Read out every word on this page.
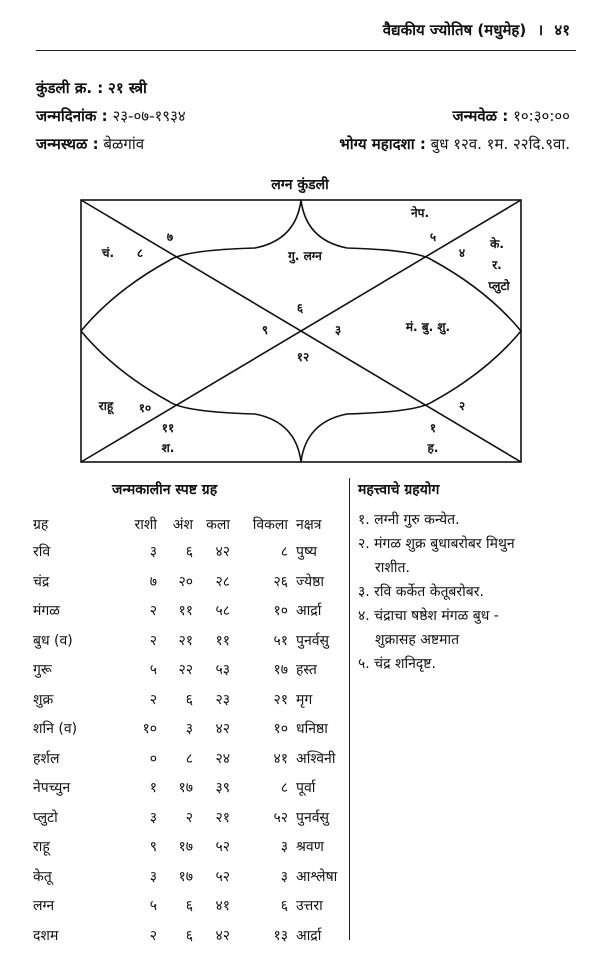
वैद्यकीय ज्योतिष (मधुमेह) । ४१
कुंडली क्र. : २१ स्त्री
जन्मदिनांक : २३-०७-१९३४	जन्मवेळ : १०:३०:००
जन्मस्थळ : बेळगांव	भोग्य महादशा : बुध १२व. १म. २२दि.९वा.
लग्न कुंडली
गु. लग्न
६
नेप.
५
४
के.
र.
प्लुटो
मं. बु. शु.
३
२
१
ह.
१२
११
श.
राहू १०
९
८
चं.
७
जन्मकालीन स्पष्ट ग्रह
ग्रह	राशी	अंश	कला	विकला	नक्षत्र
रवि	३	६	४२	८	पुष्य
चंद्र	७	२०	२८	२६	ज्येष्ठा
मंगळ	२	११	५८	१०	आर्द्रा
बुध (व)	२	२१	११	५१	पुनर्वसु
गुरू	५	२२	५३	१७	हस्त
शुक्र	२	६	२३	२१	मृग
शनि (व)	१०	३	४२	१०	धनिष्ठा
हर्शल	०	८	२४	४१	अश्विनी
नेपच्युन	१	१७	३९	८	पूर्वा
प्लुटो	३	२	२१	५२	पुनर्वसु
राहू	९	१७	५२	३	श्रवण
केतू	३	१७	५२	३	आश्लेषा
लग्न	५	६	४१	६	उत्तरा
दशम	२	६	४२	१३	आर्द्रा
महत्त्वाचे ग्रहयोग
१. लग्नी गुरु कन्येत.
२. मंगळ शुक्र बुधाबरोबर मिथुन
राशीत.
३. रवि कर्केत केतूबरोबर.
४. चंद्राचा षष्ठेश मंगळ बुध -
शुक्रासह अष्टमात
५. चंद्र शनिदृष्ट.
